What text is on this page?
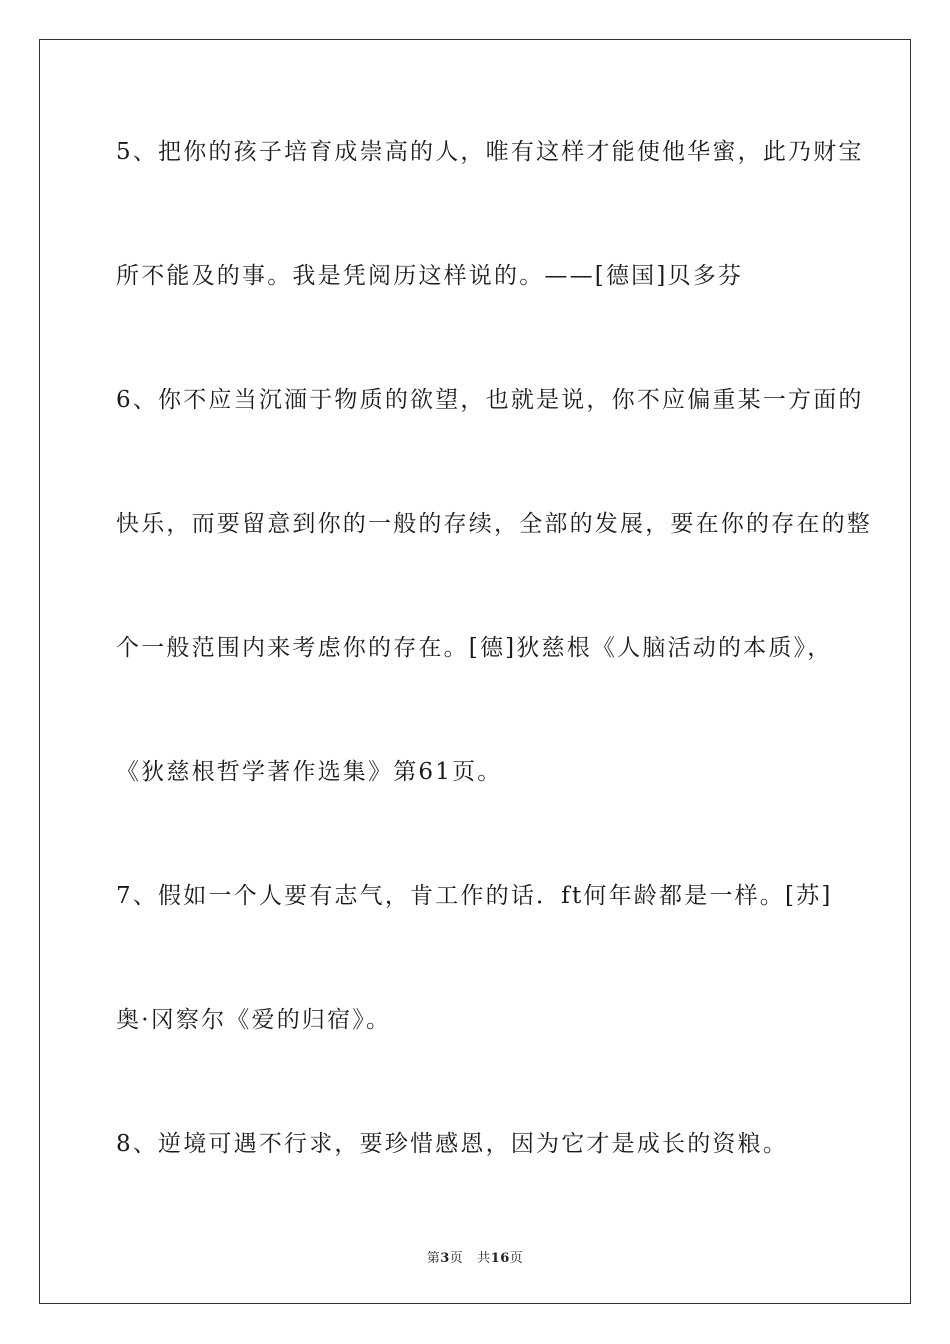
5、把你的孩子培育成崇高的人，唯有这样才能使他华蜜，此乃财宝
所不能及的事。我是凭阅历这样说的。——[德国]贝多芬
6、你不应当沉湎于物质的欲望，也就是说，你不应偏重某一方面的
快乐，而要留意到你的一般的存续，全部的发展，要在你的存在的整
个一般范围内来考虑你的存在。[德]狄慈根《人脑活动的本质》，
《狄慈根哲学著作选集》第61页。
7、假如一个人要有志气，肯工作的话．ft何年龄都是一样。[苏]
奥·冈察尔《爱的归宿》。
8、逆境可遇不行求，要珍惜感恩，因为它才是成长的资粮。
第3页 共16页
